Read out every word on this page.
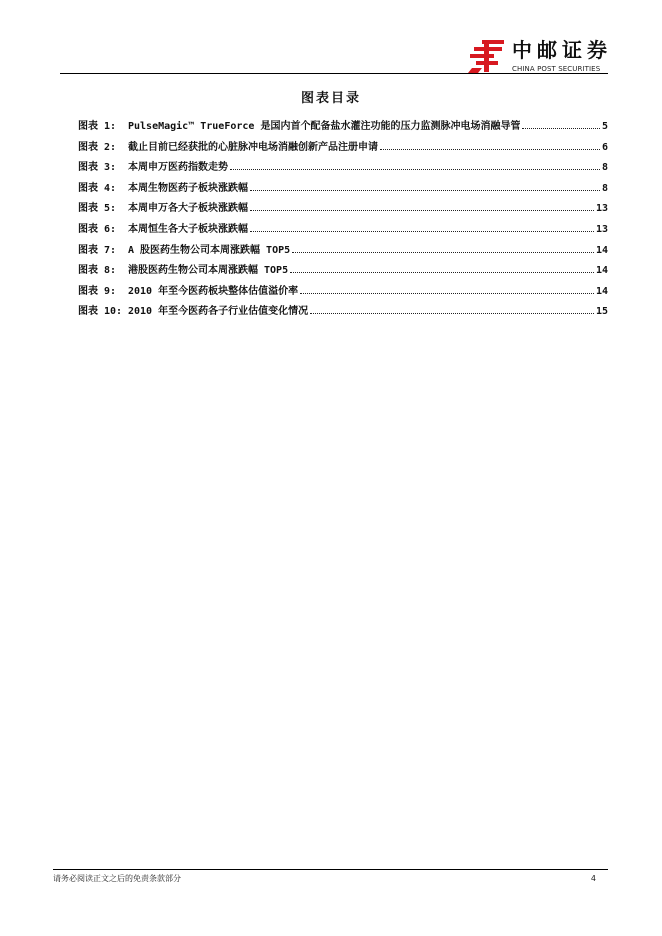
中邮证券
CHINA POST SECURITIES
图表目录
图表 1:	PulseMagic™ TrueForce 是国内首个配备盐水灌注功能的压力监测脉冲电场消融导管	5
图表 2:	截止目前已经获批的心脏脉冲电场消融创新产品注册申请	6
图表 3:	本周申万医药指数走势	8
图表 4:	本周生物医药子板块涨跌幅	8
图表 5:	本周申万各大子板块涨跌幅	13
图表 6:	本周恒生各大子板块涨跌幅	13
图表 7:	A 股医药生物公司本周涨跌幅 TOP5	14
图表 8:	港股医药生物公司本周涨跌幅 TOP5	14
图表 9:	2010 年至今医药板块整体估值溢价率	14
图表 10: 2010 年至今医药各子行业估值变化情况	15
请务必阅读正文之后的免责条款部分	4
